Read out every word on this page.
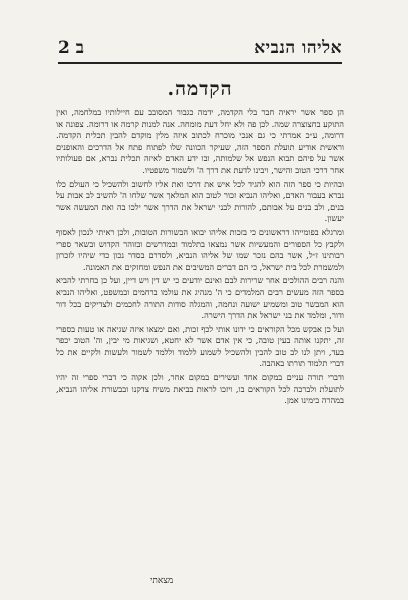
אליהו הנביא
ב 2
הקדמה.

הן ספר אשר יראיה חבר בלי הקדמה, ידמה כגבור המסובב עם חיילותיו במלחמה, ואין התוקע בחצוצרה שמה. לכן פה ולא יחל דעת מומחה. אנה למנות קרמה או דרומה. צפונה או דרומה, ע״כ אמרתי כי גם אנכי מוכרח לכתוב איזה מלין מוקדם להבין תכלית הקדמה. וראשית אודיע תועלת הספר הזה, שעיקר הכוונה שלו לפתוח פתח אל הדרכים והאופנים אשר על פיהם תבוא הנפש אל שלמותה, ובו ידע האדם לאיזה תכלית נברא, אם פעולותיו אחר דרכי הטוב והישר, ויבינו לדעת את דרך ה' ולשמור משפטיו.

ובהיות כי ספר הזה הוא להגיד לכל איש את דרכו ואת אליו לחשוב ולהשכיל כי העולם כלו נברא בעבור האדם, ואליהו הנביא זכור לטוב הוא המלאך אשר שלחו ה' להשיב לב אבות על בנים, ולב בנים על אבותם, להורות לבני ישראל את הדרך אשר ילכו בה ואת המעשה אשר יעשון.

ומרגלא בפומייהו דראשונים כי בזכות אליהו יבואו הבשורות הטובות, ולכן ראיתי לנכון לאסוף ולקבץ כל הספורים והמעשיות אשר נמצאו בתלמוד ובמדרשים ובזוהר הקדוש ובשאר ספרי רבותינו ז״ל, אשר בהם נזכר שמו של אליהו הנביא, ולסדרם בסדר נכון כדי שיהיו לזכרון ולמשמרת לכל בית ישראל, כי הם דברים המשיבים את הנפש ומחזקים את האמונה.

והנה רבים ההולכים אחר שרירות לבם ואינם יודעים כי יש דין ויש דיין, ועל כן בחרתי להביא בספר הזה מעשים רבים המלמדים כי ה' מנהיג את עולמו ברחמים ובמשפט, ואליהו הנביא הוא המבשר טוב ומשמיע ישועה ונחמה, והמגלה סודות התורה לחכמים ולצדיקים בכל דור ודור, ומלמד את בני ישראל את הדרך הישרה.

ועל כן אבקש מכל הקוראים כי ידונו אותי לכף זכות, ואם ימצאו איזה שגיאה או טעות בספרי זה, יתקנו אותה בעין טובה, כי אין אדם אשר לא יחטא, ושגיאות מי יבין, וה' הטוב יכפר בעד, ויתן לנו לב טוב להבין ולהשכיל לשמוע ללמוד וללמד לשמור ולעשות ולקיים את כל דברי תלמוד תורתו באהבה.

ודברי תורה עניים במקום אחד ועשירים במקום אחר, ולכן אקוה כי דברי ספרי זה יהיו לתועלת ולברכה לכל הקוראים בו, ויזכו לראות בביאת משיח צדקנו ובבשורת אליהו הנביא, במהרה בימינו אמן.

מצאתי
